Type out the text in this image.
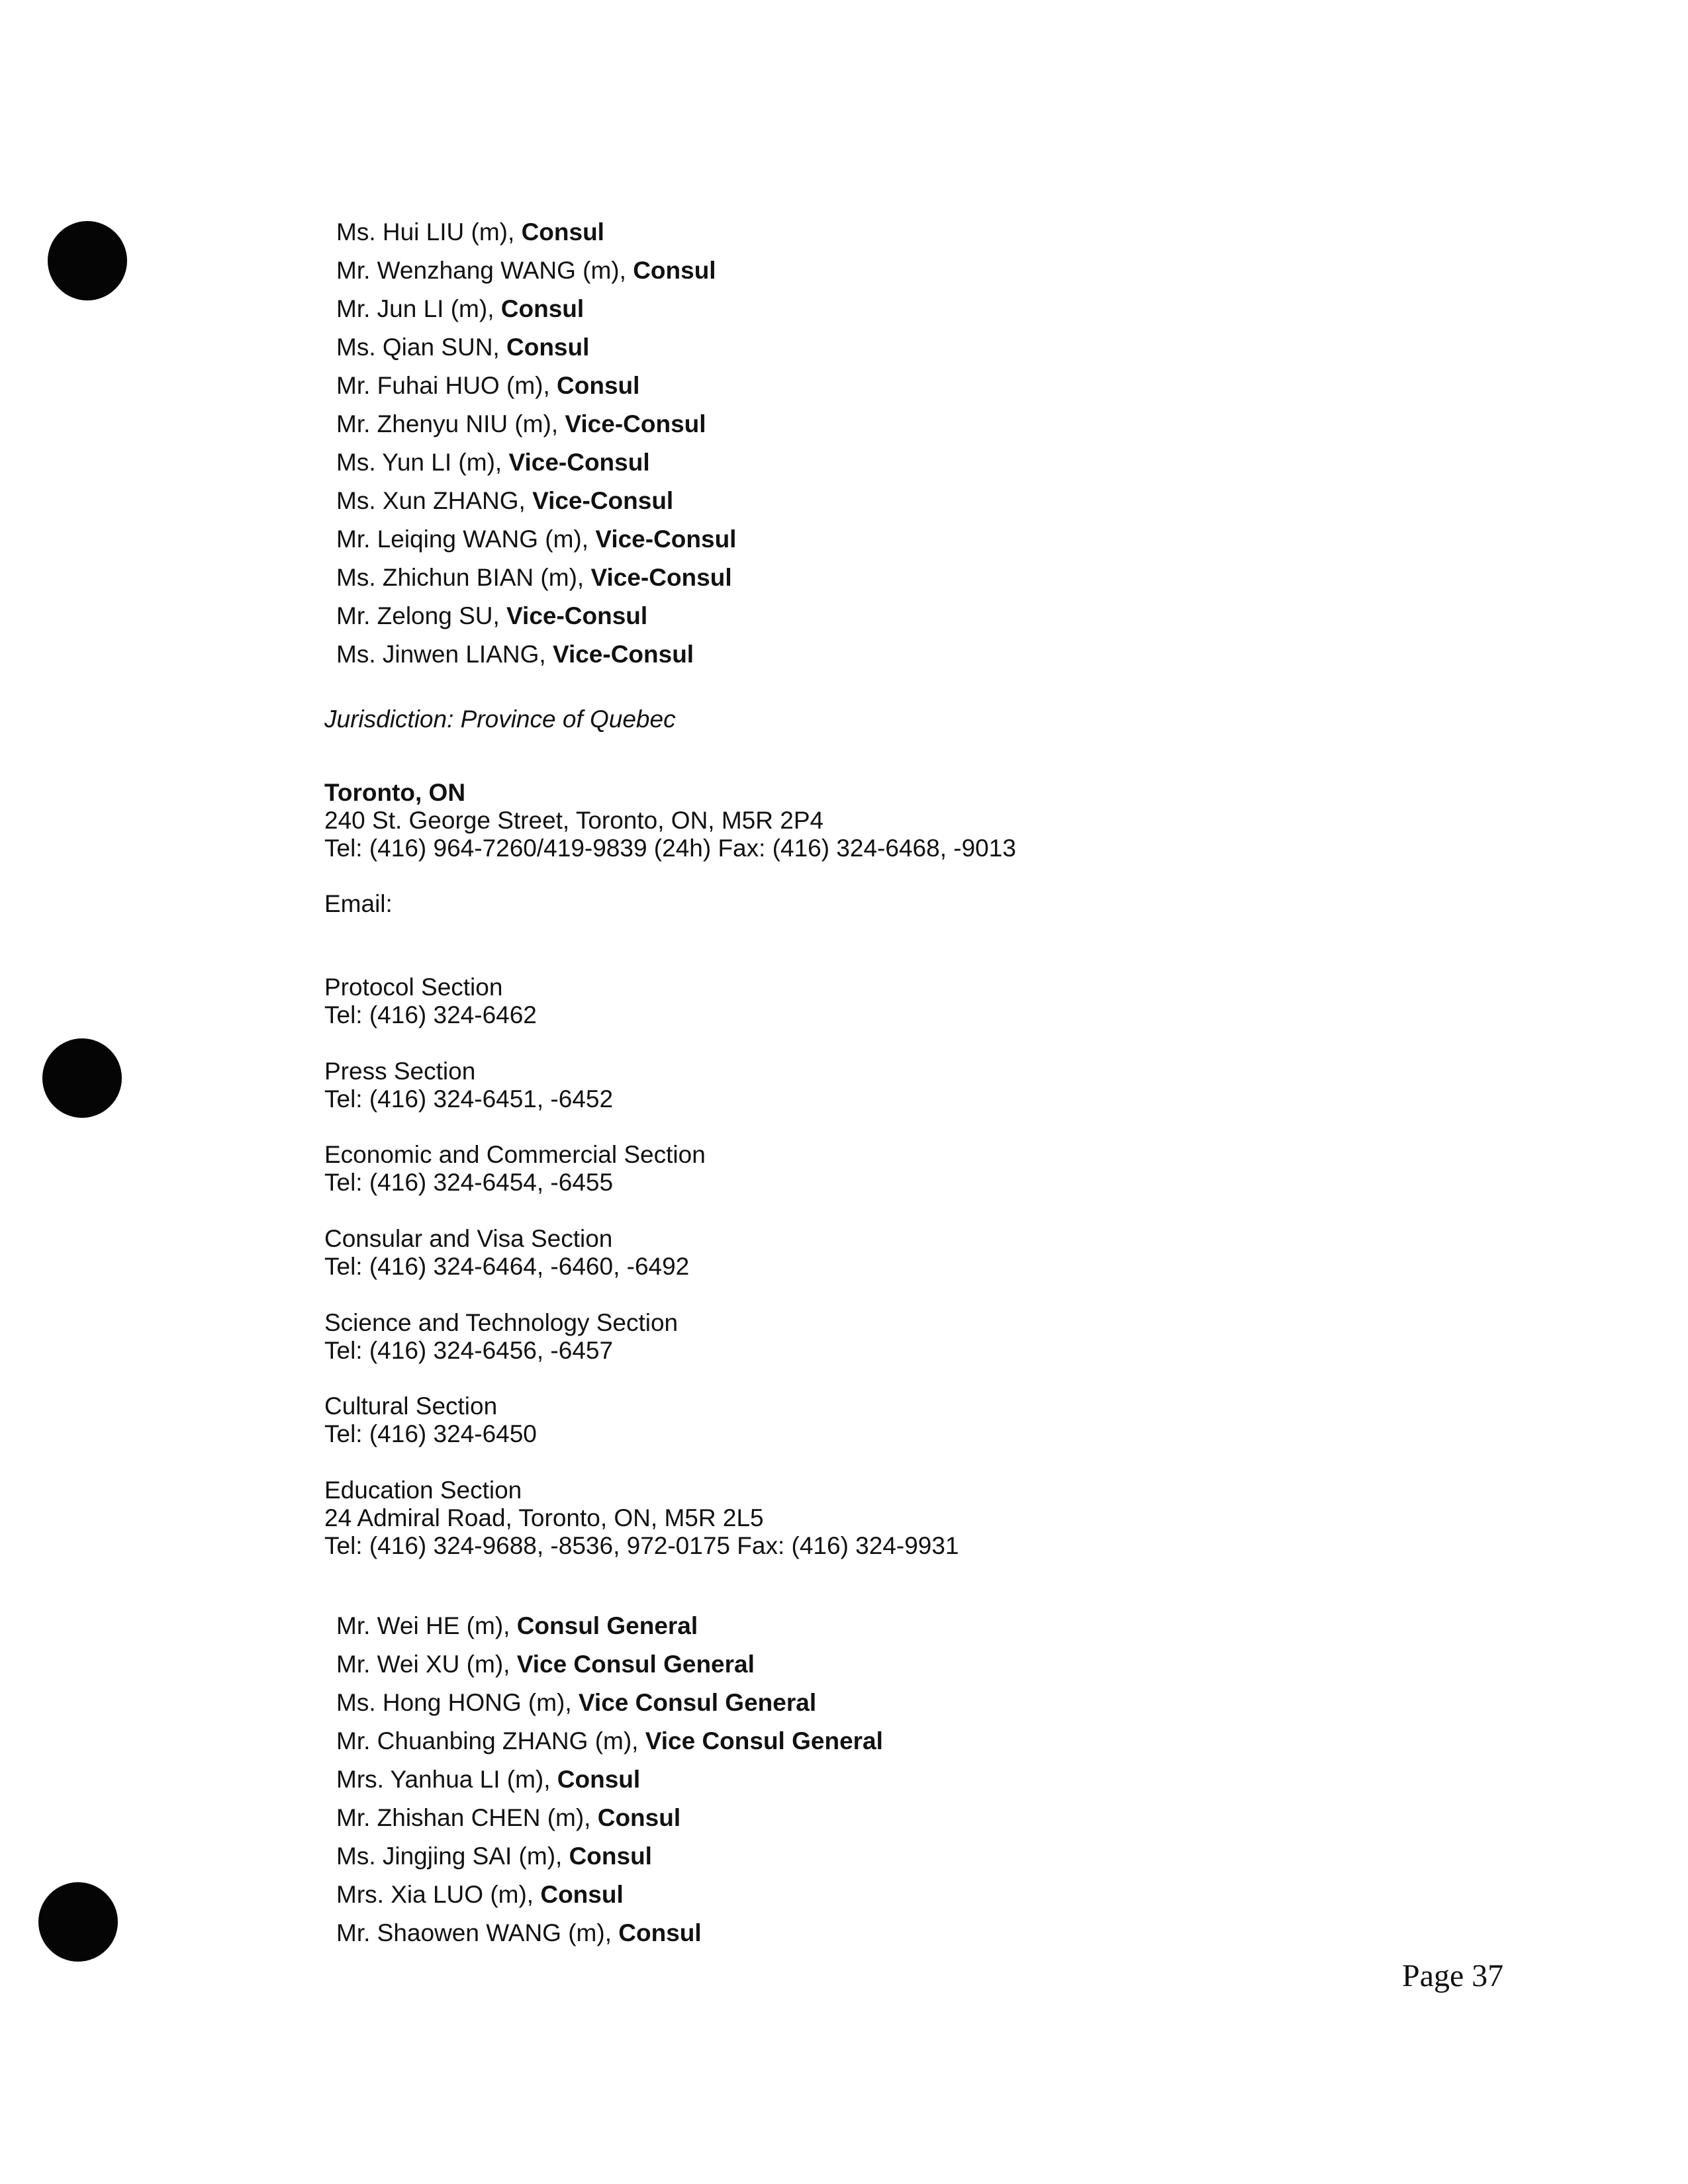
Ms. Hui LIU (m), Consul
Mr. Wenzhang WANG (m), Consul
Mr. Jun LI (m), Consul
Ms. Qian SUN, Consul
Mr. Fuhai HUO (m), Consul
Mr. Zhenyu NIU (m), Vice-Consul
Ms. Yun LI (m), Vice-Consul
Ms. Xun ZHANG, Vice-Consul
Mr. Leiqing WANG (m), Vice-Consul
Ms. Zhichun BIAN (m), Vice-Consul
Mr. Zelong SU, Vice-Consul
Ms. Jinwen LIANG, Vice-Consul
Jurisdiction: Province of Quebec
Toronto, ON
240 St. George Street, Toronto, ON, M5R 2P4
Tel: (416) 964-7260/419-9839 (24h) Fax: (416) 324-6468, -9013
Email:
Protocol Section
Tel: (416) 324-6462
Press Section
Tel: (416) 324-6451, -6452
Economic and Commercial Section
Tel: (416) 324-6454, -6455
Consular and Visa Section
Tel: (416) 324-6464, -6460, -6492
Science and Technology Section
Tel: (416) 324-6456, -6457
Cultural Section
Tel: (416) 324-6450
Education Section
24 Admiral Road, Toronto, ON, M5R 2L5
Tel: (416) 324-9688, -8536, 972-0175 Fax: (416) 324-9931
Mr. Wei HE (m), Consul General
Mr. Wei XU (m), Vice Consul General
Ms. Hong HONG (m), Vice Consul General
Mr. Chuanbing ZHANG (m), Vice Consul General
Mrs. Yanhua LI (m), Consul
Mr. Zhishan CHEN (m), Consul
Ms. Jingjing SAI (m), Consul
Mrs. Xia LUO (m), Consul
Mr. Shaowen WANG (m), Consul
Page 37
